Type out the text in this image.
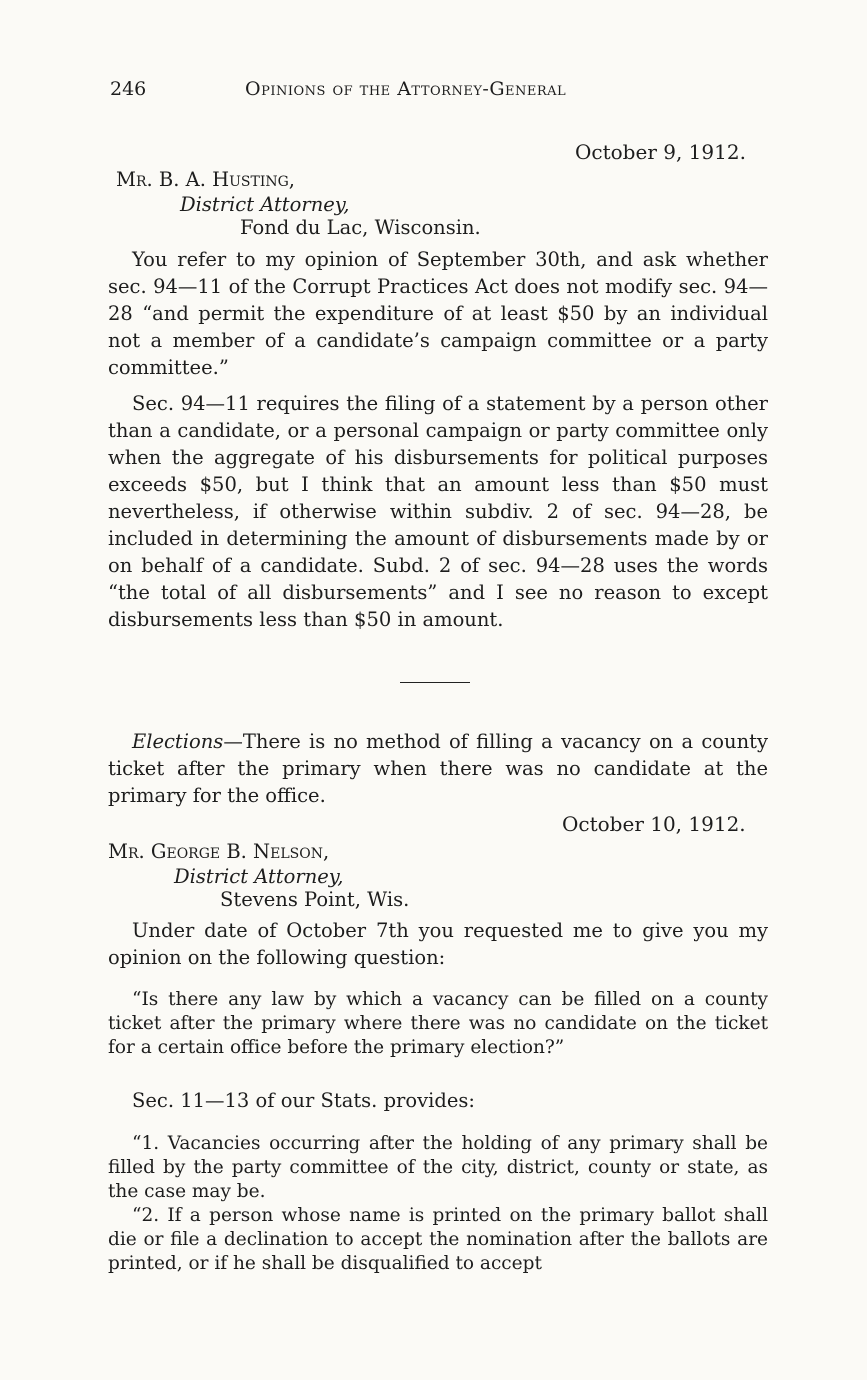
246	Opinions of the Attorney-General
October 9, 1912.
Mr. B. A. Husting,
District Attorney,
Fond du Lac, Wisconsin.
You refer to my opinion of September 30th, and ask whether sec. 94—11 of the Corrupt Practices Act does not modify sec. 94—28 “and permit the expenditure of at least $50 by an individual not a member of a candidate’s campaign committee or a party committee.”
Sec. 94—11 requires the filing of a statement by a person other than a candidate, or a personal campaign or party committee only when the aggregate of his disbursements for political purposes exceeds $50, but I think that an amount less than $50 must nevertheless, if otherwise within subdiv. 2 of sec. 94—28, be included in determining the amount of disbursements made by or on behalf of a candidate. Subd. 2 of sec. 94—28 uses the words “the total of all disbursements” and I see no reason to except disbursements less than $50 in amount.
Elections—There is no method of filling a vacancy on a county ticket after the primary when there was no candidate at the primary for the office.
October 10, 1912.
Mr. George B. Nelson,
District Attorney,
Stevens Point, Wis.
Under date of October 7th you requested me to give you my opinion on the following question:
“Is there any law by which a vacancy can be filled on a county ticket after the primary where there was no candidate on the ticket for a certain office before the primary election?”
Sec. 11—13 of our Stats. provides:
“1. Vacancies occurring after the holding of any primary shall be filled by the party committee of the city, district, county or state, as the case may be.
“2. If a person whose name is printed on the primary ballot shall die or file a declination to accept the nomination after the ballots are printed, or if he shall be disqualified to accept
